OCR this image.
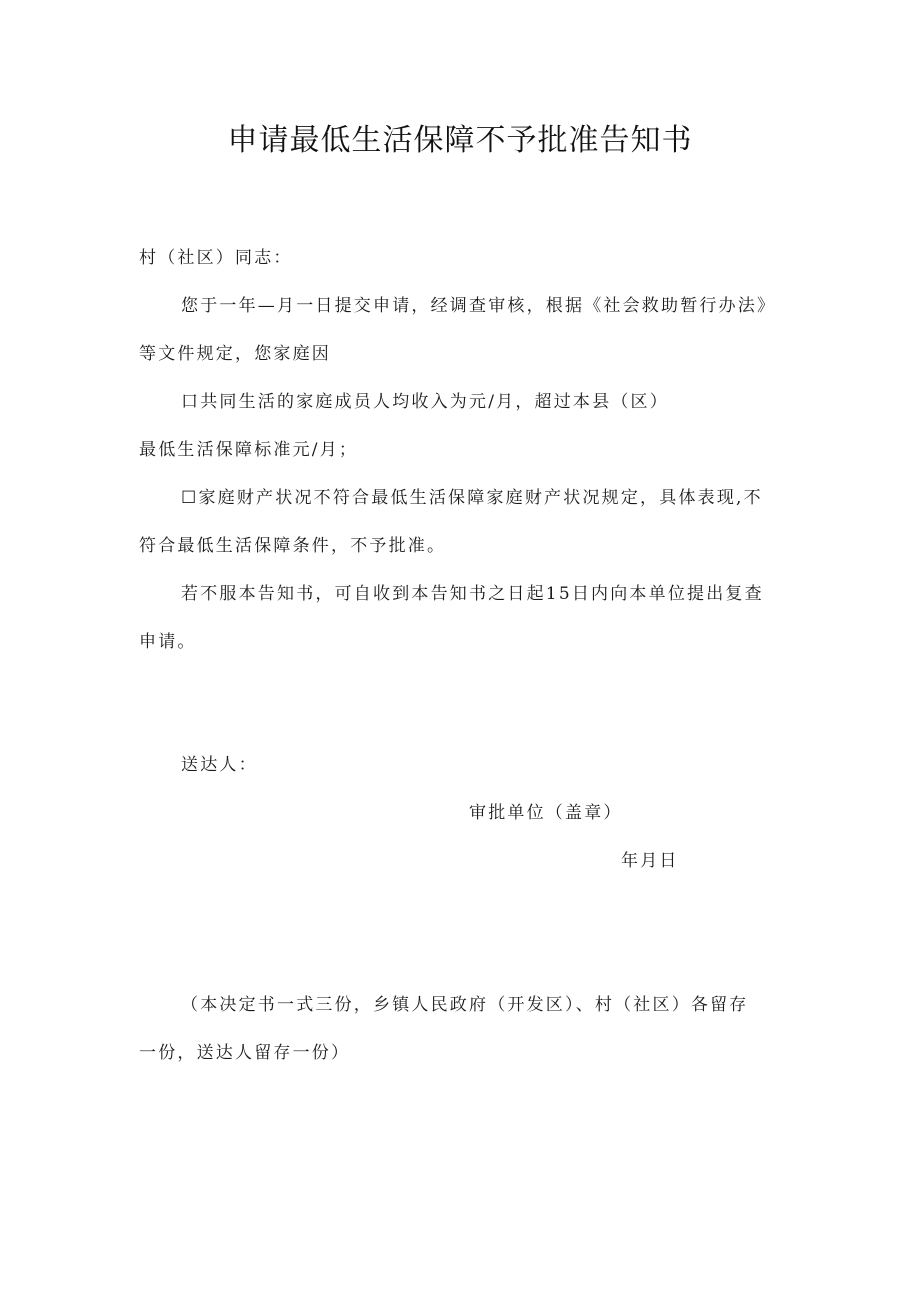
申请最低生活保障不予批准告知书
村（社区）同志：
您于一年—月一日提交申请，经调查审核，根据《社会救助暂行办法》
等文件规定，您家庭因
口共同生活的家庭成员人均收入为元/月，超过本县（区）
最低生活保障标准元/月；
☐家庭财产状况不符合最低生活保障家庭财产状况规定，具体表现,不
符合最低生活保障条件，不予批准。
若不服本告知书，可自收到本告知书之日起15日内向本单位提出复查
申请。
送达人：
审批单位（盖章）
年月日
（本决定书一式三份，乡镇人民政府（开发区）、村（社区）各留存
一份，送达人留存一份）
